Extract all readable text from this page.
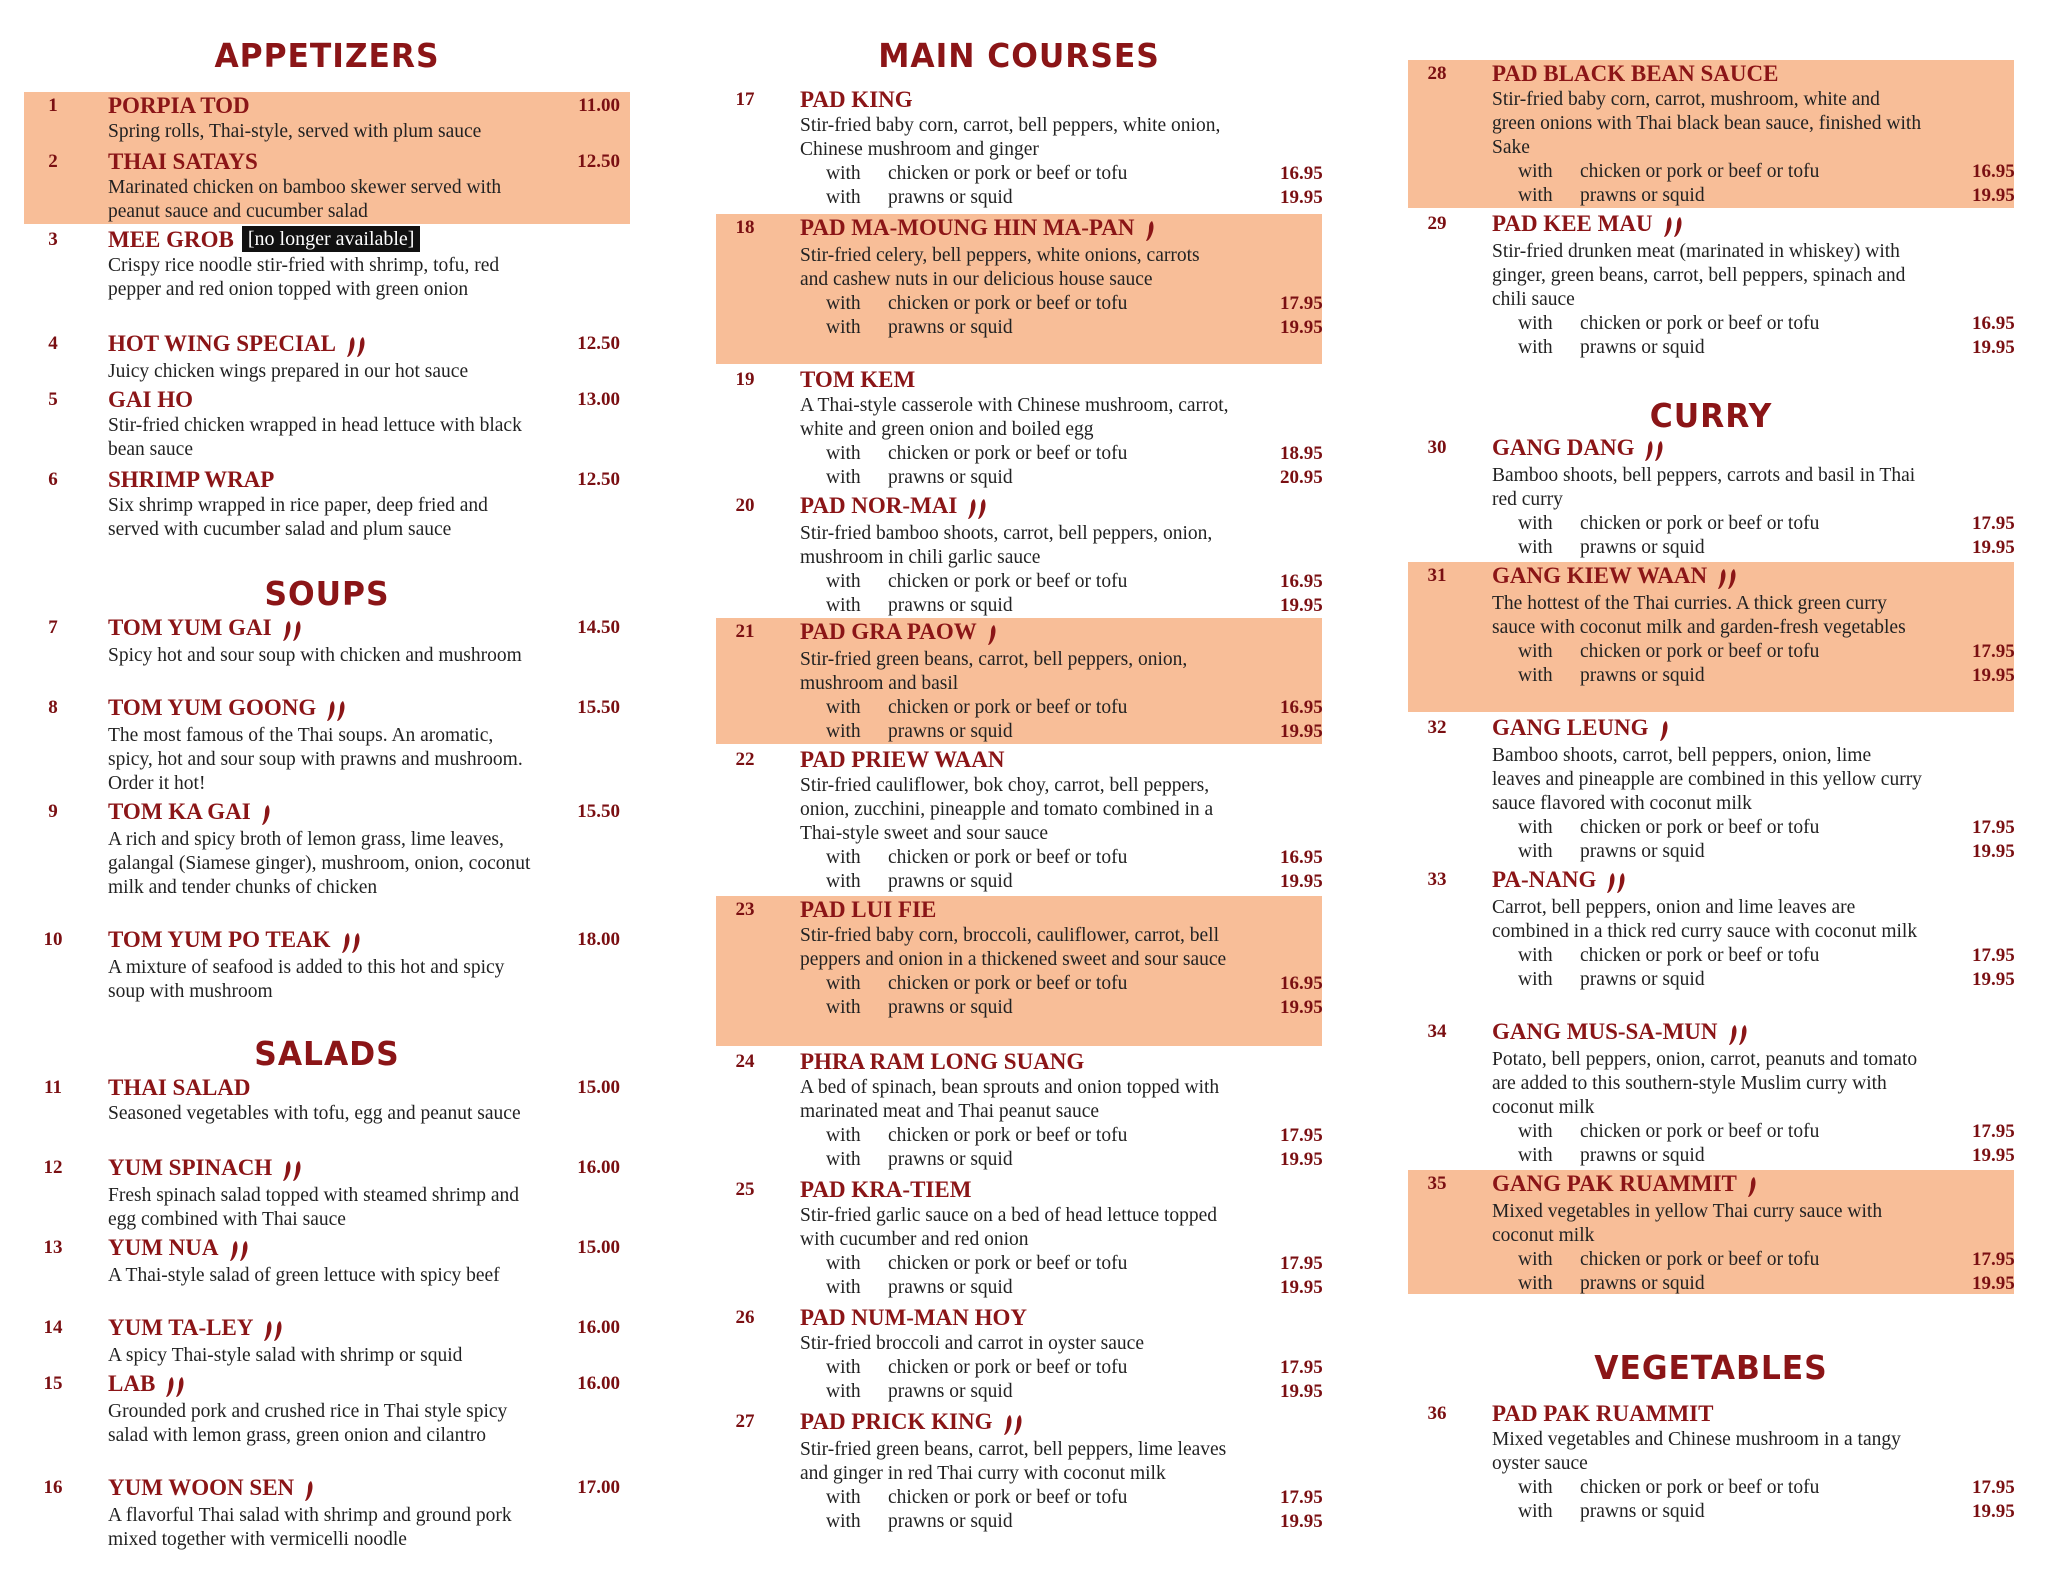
APPETIZERS
1	PORPIA TOD	11.00
Spring rolls, Thai-style, served with plum sauce
2	THAI SATAYS	12.50
Marinated chicken on bamboo skewer served with peanut sauce and cucumber salad
3	MEE GROB [no longer available]
Crispy rice noodle stir-fried with shrimp, tofu, red pepper and red onion topped with green onion
4	HOT WING SPECIAL	12.50
Juicy chicken wings prepared in our hot sauce
5	GAI HO	13.00
Stir-fried chicken wrapped in head lettuce with black bean sauce
6	SHRIMP WRAP	12.50
Six shrimp wrapped in rice paper, deep fried and served with cucumber salad and plum sauce
SOUPS
7	TOM YUM GAI	14.50
Spicy hot and sour soup with chicken and mushroom
8	TOM YUM GOONG	15.50
The most famous of the Thai soups. An aromatic, spicy, hot and sour soup with prawns and mushroom. Order it hot!
9	TOM KA GAI	15.50
A rich and spicy broth of lemon grass, lime leaves, galangal (Siamese ginger), mushroom, onion, coconut milk and tender chunks of chicken
10	TOM YUM PO TEAK	18.00
A mixture of seafood is added to this hot and spicy soup with mushroom
SALADS
11	THAI SALAD	15.00
Seasoned vegetables with tofu, egg and peanut sauce
12	YUM SPINACH	16.00
Fresh spinach salad topped with steamed shrimp and egg combined with Thai sauce
13	YUM NUA	15.00
A Thai-style salad of green lettuce with spicy beef
14	YUM TA-LEY	16.00
A spicy Thai-style salad with shrimp or squid
15	LAB	16.00
Grounded pork and crushed rice in Thai style spicy salad with lemon grass, green onion and cilantro
16	YUM WOON SEN	17.00
A flavorful Thai salad with shrimp and ground pork mixed together with vermicelli noodle
MAIN COURSES
17	PAD KING
Stir-fried baby corn, carrot, bell peppers, white onion, Chinese mushroom and ginger
with chicken or pork or beef or tofu	16.95
with prawns or squid	19.95
18	PAD MA-MOUNG HIN MA-PAN
Stir-fried celery, bell peppers, white onions, carrots and cashew nuts in our delicious house sauce
with chicken or pork or beef or tofu	17.95
with prawns or squid	19.95
19	TOM KEM
A Thai-style casserole with Chinese mushroom, carrot, white and green onion and boiled egg
with chicken or pork or beef or tofu	18.95
with prawns or squid	20.95
20	PAD NOR-MAI
Stir-fried bamboo shoots, carrot, bell peppers, onion, mushroom in chili garlic sauce
with chicken or pork or beef or tofu	16.95
with prawns or squid	19.95
21	PAD GRA PAOW
Stir-fried green beans, carrot, bell peppers, onion, mushroom and basil
with chicken or pork or beef or tofu	16.95
with prawns or squid	19.95
22	PAD PRIEW WAAN
Stir-fried cauliflower, bok choy, carrot, bell peppers, onion, zucchini, pineapple and tomato combined in a Thai-style sweet and sour sauce
with chicken or pork or beef or tofu	16.95
with prawns or squid	19.95
23	PAD LUI FIE
Stir-fried baby corn, broccoli, cauliflower, carrot, bell peppers and onion in a thickened sweet and sour sauce
with chicken or pork or beef or tofu	16.95
with prawns or squid	19.95
24	PHRA RAM LONG SUANG
A bed of spinach, bean sprouts and onion topped with marinated meat and Thai peanut sauce
with chicken or pork or beef or tofu	17.95
with prawns or squid	19.95
25	PAD KRA-TIEM
Stir-fried garlic sauce on a bed of head lettuce topped with cucumber and red onion
with chicken or pork or beef or tofu	17.95
with prawns or squid	19.95
26	PAD NUM-MAN HOY
Stir-fried broccoli and carrot in oyster sauce
with chicken or pork or beef or tofu	17.95
with prawns or squid	19.95
27	PAD PRICK KING
Stir-fried green beans, carrot, bell peppers, lime leaves and ginger in red Thai curry with coconut milk
with chicken or pork or beef or tofu	17.95
with prawns or squid	19.95
28	PAD BLACK BEAN SAUCE
Stir-fried baby corn, carrot, mushroom, white and green onions with Thai black bean sauce, finished with Sake
with chicken or pork or beef or tofu	16.95
with prawns or squid	19.95
29	PAD KEE MAU
Stir-fried drunken meat (marinated in whiskey) with ginger, green beans, carrot, bell peppers, spinach and chili sauce
with chicken or pork or beef or tofu	16.95
with prawns or squid	19.95
CURRY
30	GANG DANG
Bamboo shoots, bell peppers, carrots and basil in Thai red curry
with chicken or pork or beef or tofu	17.95
with prawns or squid	19.95
31	GANG KIEW WAAN
The hottest of the Thai curries. A thick green curry sauce with coconut milk and garden-fresh vegetables
with chicken or pork or beef or tofu	17.95
with prawns or squid	19.95
32	GANG LEUNG
Bamboo shoots, carrot, bell peppers, onion, lime leaves and pineapple are combined in this yellow curry sauce flavored with coconut milk
with chicken or pork or beef or tofu	17.95
with prawns or squid	19.95
33	PA-NANG
Carrot, bell peppers, onion and lime leaves are combined in a thick red curry sauce with coconut milk
with chicken or pork or beef or tofu	17.95
with prawns or squid	19.95
34	GANG MUS-SA-MUN
Potato, bell peppers, onion, carrot, peanuts and tomato are added to this southern-style Muslim curry with coconut milk
with chicken or pork or beef or tofu	17.95
with prawns or squid	19.95
35	GANG PAK RUAMMIT
Mixed vegetables in yellow Thai curry sauce with coconut milk
with chicken or pork or beef or tofu	17.95
with prawns or squid	19.95
VEGETABLES
36	PAD PAK RUAMMIT
Mixed vegetables and Chinese mushroom in a tangy oyster sauce
with chicken or pork or beef or tofu	17.95
with prawns or squid	19.95
